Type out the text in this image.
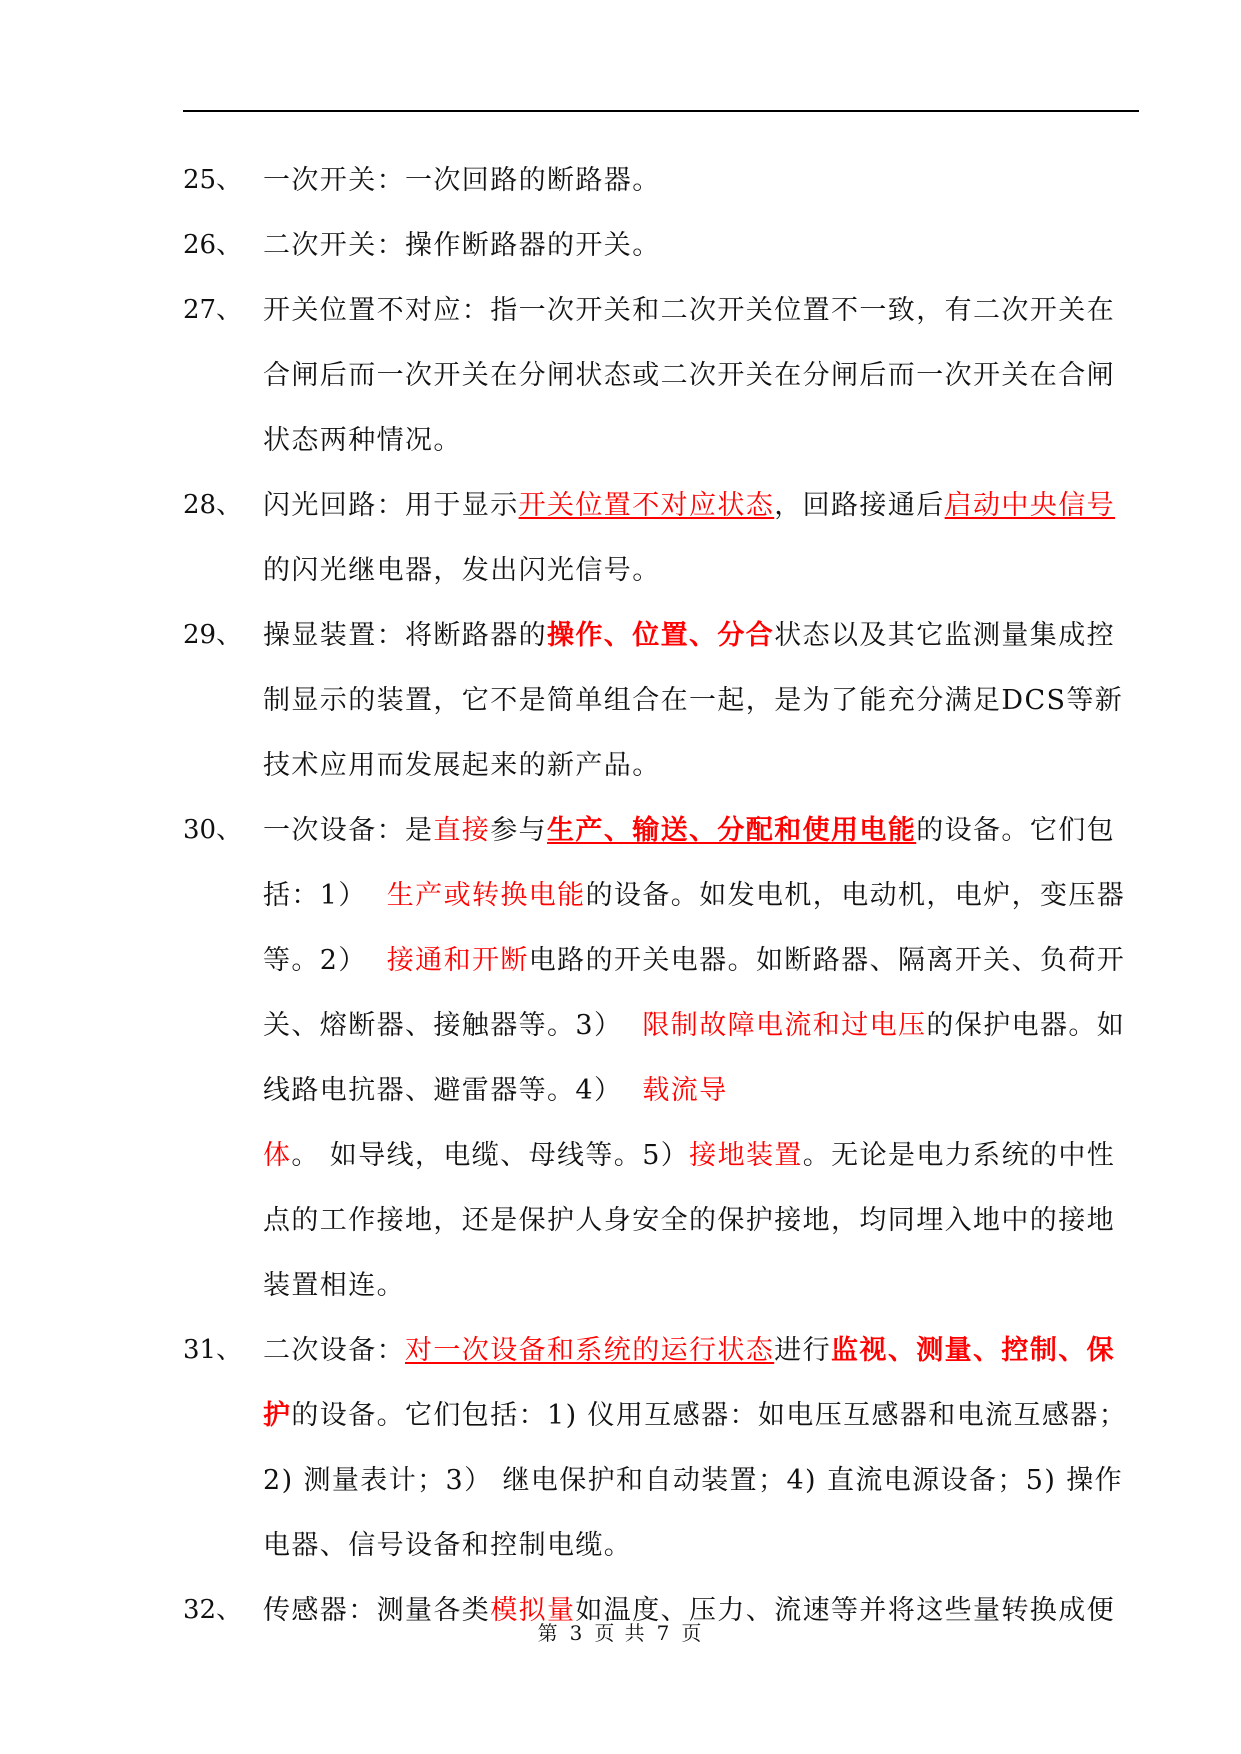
25、 一次开关：一次回路的断路器。
26、 二次开关：操作断路器的开关。
27、 开关位置不对应：指一次开关和二次开关位置不一致，有二次开关在合闸后而一次开关在分闸状态或二次开关在分闸后而一次开关在合闸状态两种情况。
28、 闪光回路：用于显示开关位置不对应状态，回路接通后启动中央信号的闪光继电器，发出闪光信号。
29、 操显装置：将断路器的操作、位置、分合状态以及其它监测量集成控制显示的装置，它不是简单组合在一起，是为了能充分满足DCS等新技术应用而发展起来的新产品。
30、 一次设备：是直接参与生产、输送、分配和使用电能的设备。它们包括：1） 生产或转换电能的设备。如发电机，电动机，电炉，变压器等。2） 接通和开断电路的开关电器。如断路器、隔离开关、负荷开关、熔断器、接触器等。3） 限制故障电流和过电压的保护电器。如线路电抗器、避雷器等。4） 载流导体。 如导线，电缆、母线等。5）接地装置。无论是电力系统的中性点的工作接地，还是保护人身安全的保护接地，均同埋入地中的接地装置相连。
31、 二次设备：对一次设备和系统的运行状态进行监视、测量、控制、保护的设备。它们包括：1) 仪用互感器：如电压互感器和电流互感器；2) 测量表计；3） 继电保护和自动装置；4) 直流电源设备；5) 操作电器、信号设备和控制电缆。
32、 传感器：测量各类模拟量如温度、压力、流速等并将这些量转换成便
第 3 页 共 7 页
